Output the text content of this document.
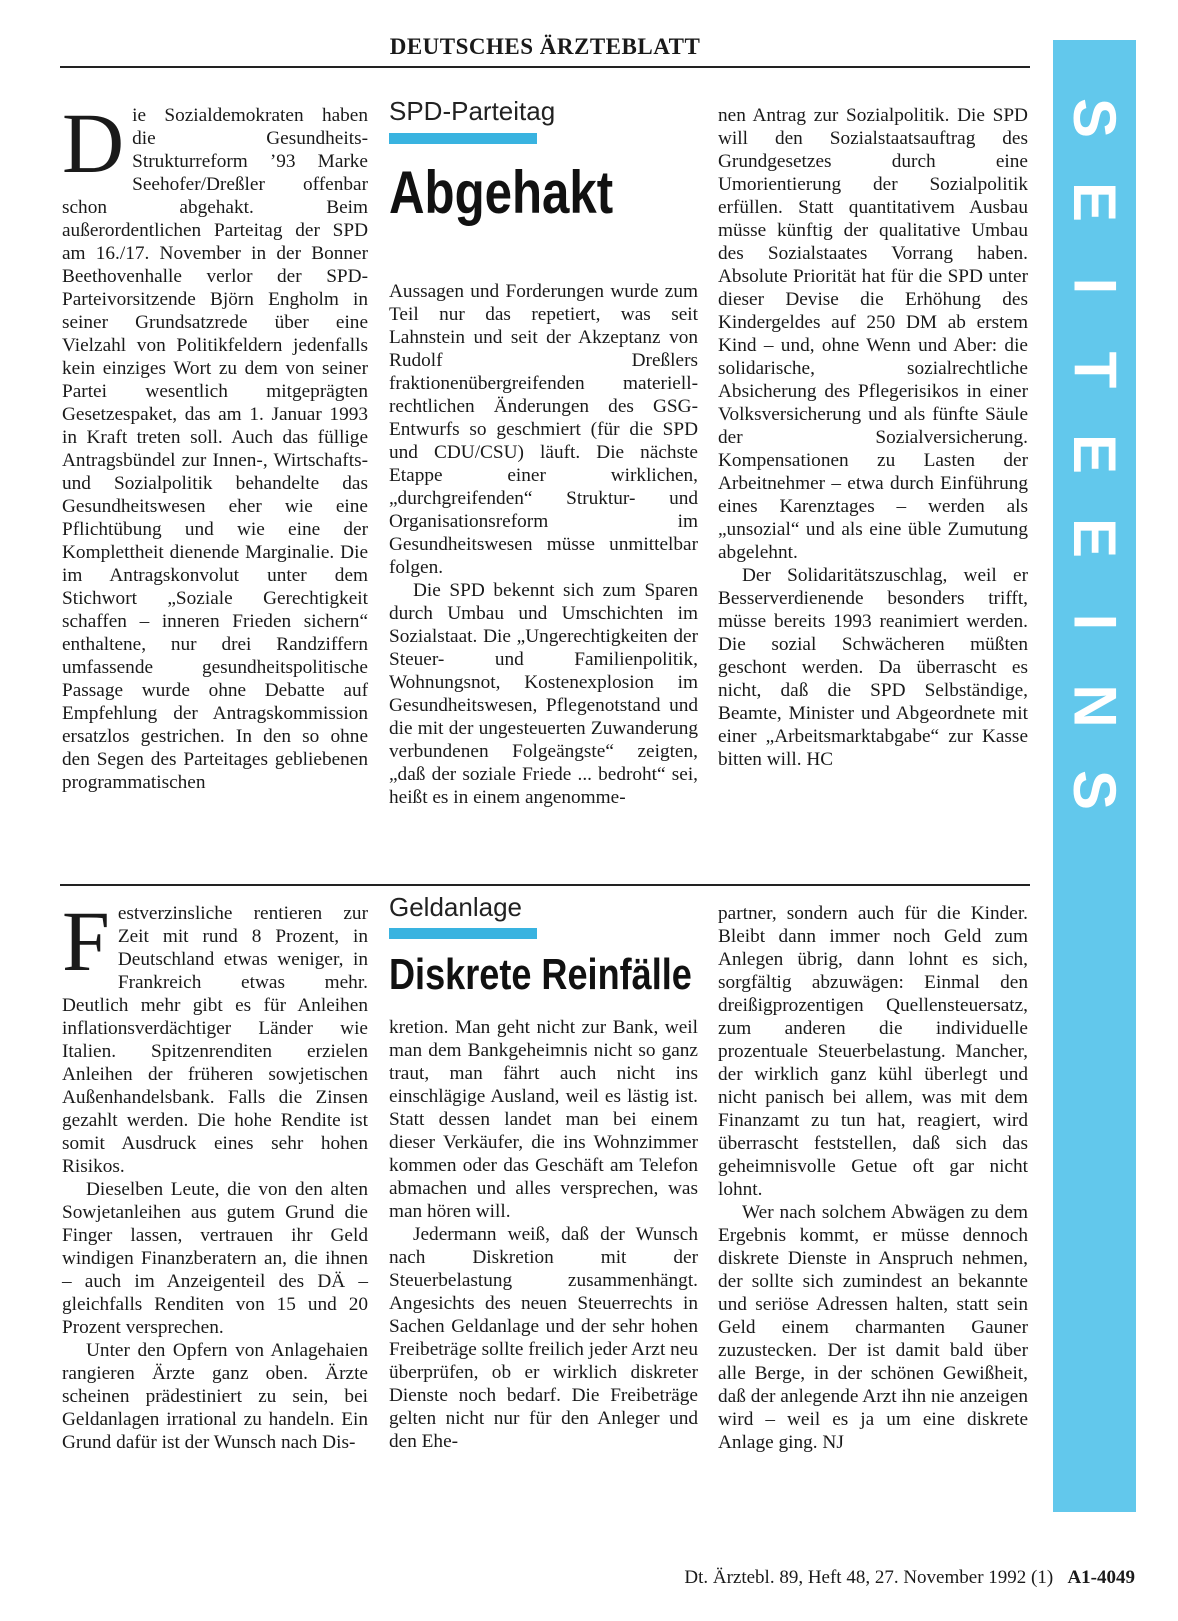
DEUTSCHES ÄRZTEBLATT
S
E
I
T
E
E
I
N
S
SPD-Parteitag
Abgehakt

Die Sozialdemokraten haben die Gesundheits-Strukturreform ’93 Marke Seehofer/Dreßler offenbar schon abgehakt. Beim außerordentlichen Parteitag der SPD am 16./17. November in der Bonner Beethovenhalle verlor der SPD-Parteivorsitzende Björn Engholm in seiner Grundsatzrede über eine Vielzahl von Politikfeldern jedenfalls kein einziges Wort zu dem von seiner Partei wesentlich mitgeprägten Gesetzespaket, das am 1. Januar 1993 in Kraft treten soll. Auch das füllige Antragsbündel zur Innen-, Wirtschafts- und Sozialpolitik behandelte das Gesundheitswesen eher wie eine Pflichtübung und wie eine der Komplettheit dienende Marginalie. Die im Antragskonvolut unter dem Stichwort „Soziale Gerechtigkeit schaffen – inneren Frieden sichern“ enthaltene, nur drei Randziffern umfassende gesundheitspolitische Passage wurde ohne Debatte auf Empfehlung der Antragskommission ersatzlos gestrichen. In den so ohne den Segen des Parteitages gebliebenen programmatischen

Aussagen und Forderungen wurde zum Teil nur das repetiert, was seit Lahnstein und seit der Akzeptanz von Rudolf Dreßlers fraktionenübergreifenden materiell-rechtlichen Änderungen des GSG-Entwurfs so geschmiert (für die SPD und CDU/CSU) läuft. Die nächste Etappe einer wirklichen, „durchgreifenden“ Struktur- und Organisationsreform im Gesundheitswesen müsse unmittelbar folgen.

Die SPD bekennt sich zum Sparen durch Umbau und Umschichten im Sozialstaat. Die „Ungerechtigkeiten der Steuer- und Familienpolitik, Wohnungsnot, Kostenexplosion im Gesundheitswesen, Pflegenotstand und die mit der ungesteuerten Zuwanderung verbundenen Folgeängste“ zeigten, „daß der soziale Friede ... bedroht“ sei, heißt es in einem angenomme-

nen Antrag zur Sozialpolitik. Die SPD will den Sozialstaatsauftrag des Grundgesetzes durch eine Umorientierung der Sozialpolitik erfüllen. Statt quantitativem Ausbau müsse künftig der qualitative Umbau des Sozialstaates Vorrang haben. Absolute Priorität hat für die SPD unter dieser Devise die Erhöhung des Kindergeldes auf 250 DM ab erstem Kind – und, ohne Wenn und Aber: die solidarische, sozialrechtliche Absicherung des Pflegerisikos in einer Volksversicherung und als fünfte Säule der Sozialversicherung. Kompensationen zu Lasten der Arbeitnehmer – etwa durch Einführung eines Karenztages – werden als „unsozial“ und als eine üble Zumutung abgelehnt.

Der Solidaritätszuschlag, weil er Besserverdienende besonders trifft, müsse bereits 1993 reanimiert werden. Die sozial Schwächeren müßten geschont werden. Da überrascht es nicht, daß die SPD Selbständige, Beamte, Minister und Abgeordnete mit einer „Arbeitsmarktabgabe“ zur Kasse bitten will. HC

Geldanlage
Diskrete Reinfälle

Festverzinsliche rentieren zur Zeit mit rund 8 Prozent, in Deutschland etwas weniger, in Frankreich etwas mehr. Deutlich mehr gibt es für Anleihen inflationsverdächtiger Länder wie Italien. Spitzenrenditen erzielen Anleihen der früheren sowjetischen Außenhandelsbank. Falls die Zinsen gezahlt werden. Die hohe Rendite ist somit Ausdruck eines sehr hohen Risikos.

Dieselben Leute, die von den alten Sowjetanleihen aus gutem Grund die Finger lassen, vertrauen ihr Geld windigen Finanzberatern an, die ihnen – auch im Anzeigenteil des DÄ – gleichfalls Renditen von 15 und 20 Prozent versprechen.

Unter den Opfern von Anlagehaien rangieren Ärzte ganz oben. Ärzte scheinen prädestiniert zu sein, bei Geldanlagen irrational zu handeln. Ein Grund dafür ist der Wunsch nach Dis-

kretion. Man geht nicht zur Bank, weil man dem Bankgeheimnis nicht so ganz traut, man fährt auch nicht ins einschlägige Ausland, weil es lästig ist. Statt dessen landet man bei einem dieser Verkäufer, die ins Wohnzimmer kommen oder das Geschäft am Telefon abmachen und alles versprechen, was man hören will.

Jedermann weiß, daß der Wunsch nach Diskretion mit der Steuerbelastung zusammenhängt. Angesichts des neuen Steuerrechts in Sachen Geldanlage und der sehr hohen Freibeträge sollte freilich jeder Arzt neu überprüfen, ob er wirklich diskreter Dienste noch bedarf. Die Freibeträge gelten nicht nur für den Anleger und den Ehe-

partner, sondern auch für die Kinder. Bleibt dann immer noch Geld zum Anlegen übrig, dann lohnt es sich, sorgfältig abzuwägen: Einmal den dreißigprozentigen Quellensteuersatz, zum anderen die individuelle prozentuale Steuerbelastung. Mancher, der wirklich ganz kühl überlegt und nicht panisch bei allem, was mit dem Finanzamt zu tun hat, reagiert, wird überrascht feststellen, daß sich das geheimnisvolle Getue oft gar nicht lohnt.

Wer nach solchem Abwägen zu dem Ergebnis kommt, er müsse dennoch diskrete Dienste in Anspruch nehmen, der sollte sich zumindest an bekannte und seriöse Adressen halten, statt sein Geld einem charmanten Gauner zuzustecken. Der ist damit bald über alle Berge, in der schönen Gewißheit, daß der anlegende Arzt ihn nie anzeigen wird – weil es ja um eine diskrete Anlage ging. NJ

Dt. Ärztebl. 89, Heft 48, 27. November 1992 (1) A1-4049
